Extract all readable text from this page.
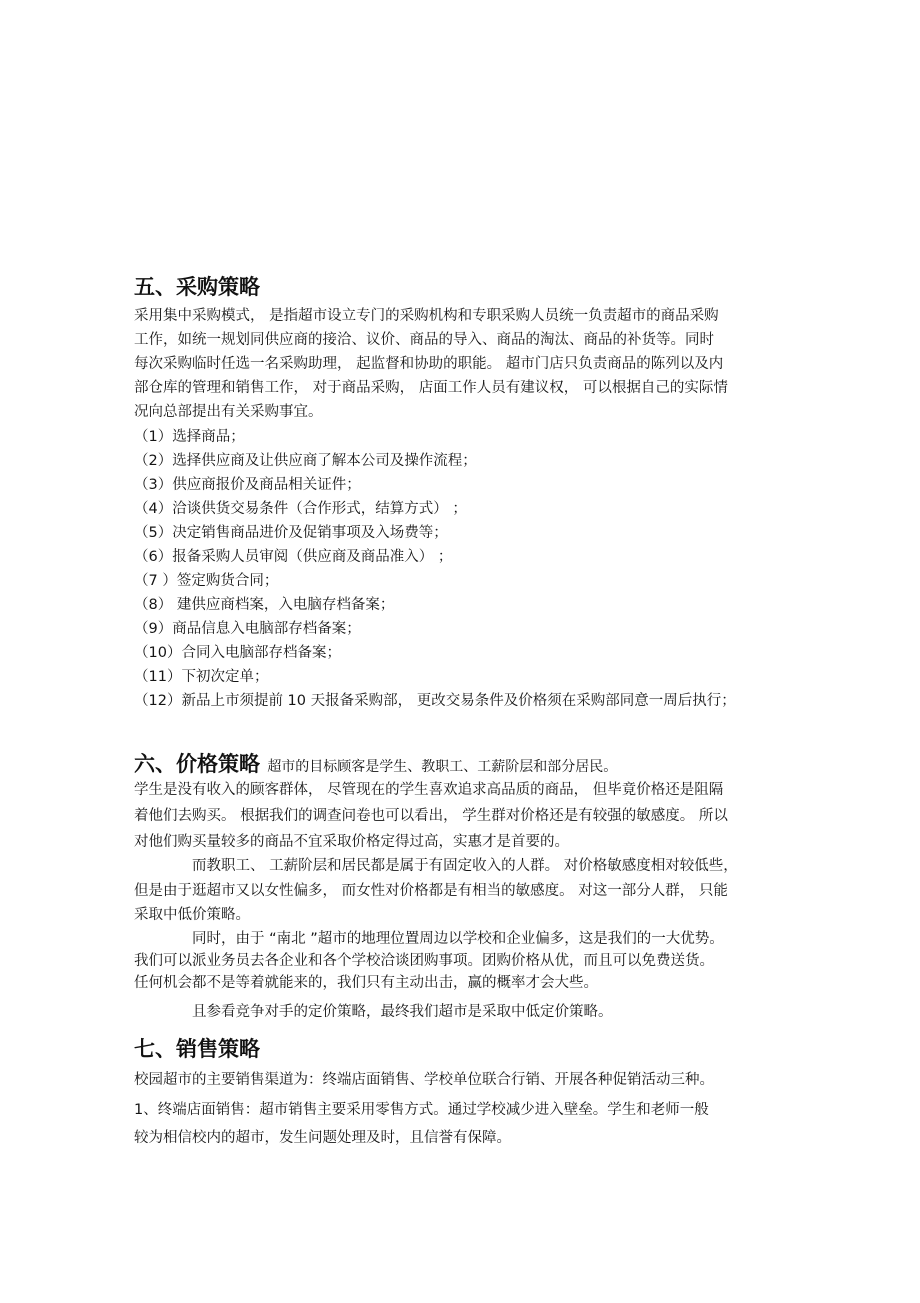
五、采购策略
采用集中采购模式， 是指超市设立专门的采购机构和专职采购人员统一负责超市的商品采购
工作，如统一规划同供应商的接洽、议价、商品的导入、商品的淘汰、商品的补货等。同时
每次采购临时任选一名采购助理， 起监督和协助的职能。 超市门店只负责商品的陈列以及内
部仓库的管理和销售工作， 对于商品采购， 店面工作人员有建议权， 可以根据自己的实际情
况向总部提出有关采购事宜。
（1）选择商品；
（2）选择供应商及让供应商了解本公司及操作流程；
（3）供应商报价及商品相关证件；
（4）洽谈供货交易条件（合作形式，结算方式） ；
（5）决定销售商品进价及促销事项及入场费等；
（6）报备采购人员审阅（供应商及商品准入） ；
（7 ）签定购货合同；
（8） 建供应商档案，入电脑存档备案；
（9）商品信息入电脑部存档备案；
（10）合同入电脑部存档备案；
（11）下初次定单；
（12）新品上市须提前 10 天报备采购部， 更改交易条件及价格须在采购部同意一周后执行；
六、价格策略 超市的目标顾客是学生、教职工、工薪阶层和部分居民。
学生是没有收入的顾客群体， 尽管现在的学生喜欢追求高品质的商品， 但毕竟价格还是阻隔
着他们去购买。 根据我们的调查问卷也可以看出， 学生群对价格还是有较强的敏感度。 所以
对他们购买量较多的商品不宜采取价格定得过高，实惠才是首要的。
而教职工、 工薪阶层和居民都是属于有固定收入的人群。 对价格敏感度相对较低些，
但是由于逛超市又以女性偏多， 而女性对价格都是有相当的敏感度。 对这一部分人群， 只能
采取中低价策略。
同时，由于 “南北 ”超市的地理位置周边以学校和企业偏多，这是我们的一大优势。
我们可以派业务员去各企业和各个学校洽谈团购事项。团购价格从优，而且可以免费送货。
任何机会都不是等着就能来的，我们只有主动出击，赢的概率才会大些。
且参看竞争对手的定价策略，最终我们超市是采取中低定价策略。
七、销售策略
校园超市的主要销售渠道为：终端店面销售、学校单位联合行销、开展各种促销活动三种。
1、终端店面销售：超市销售主要采用零售方式。通过学校减少进入壁垒。学生和老师一般
较为相信校内的超市，发生问题处理及时，且信誉有保障。
